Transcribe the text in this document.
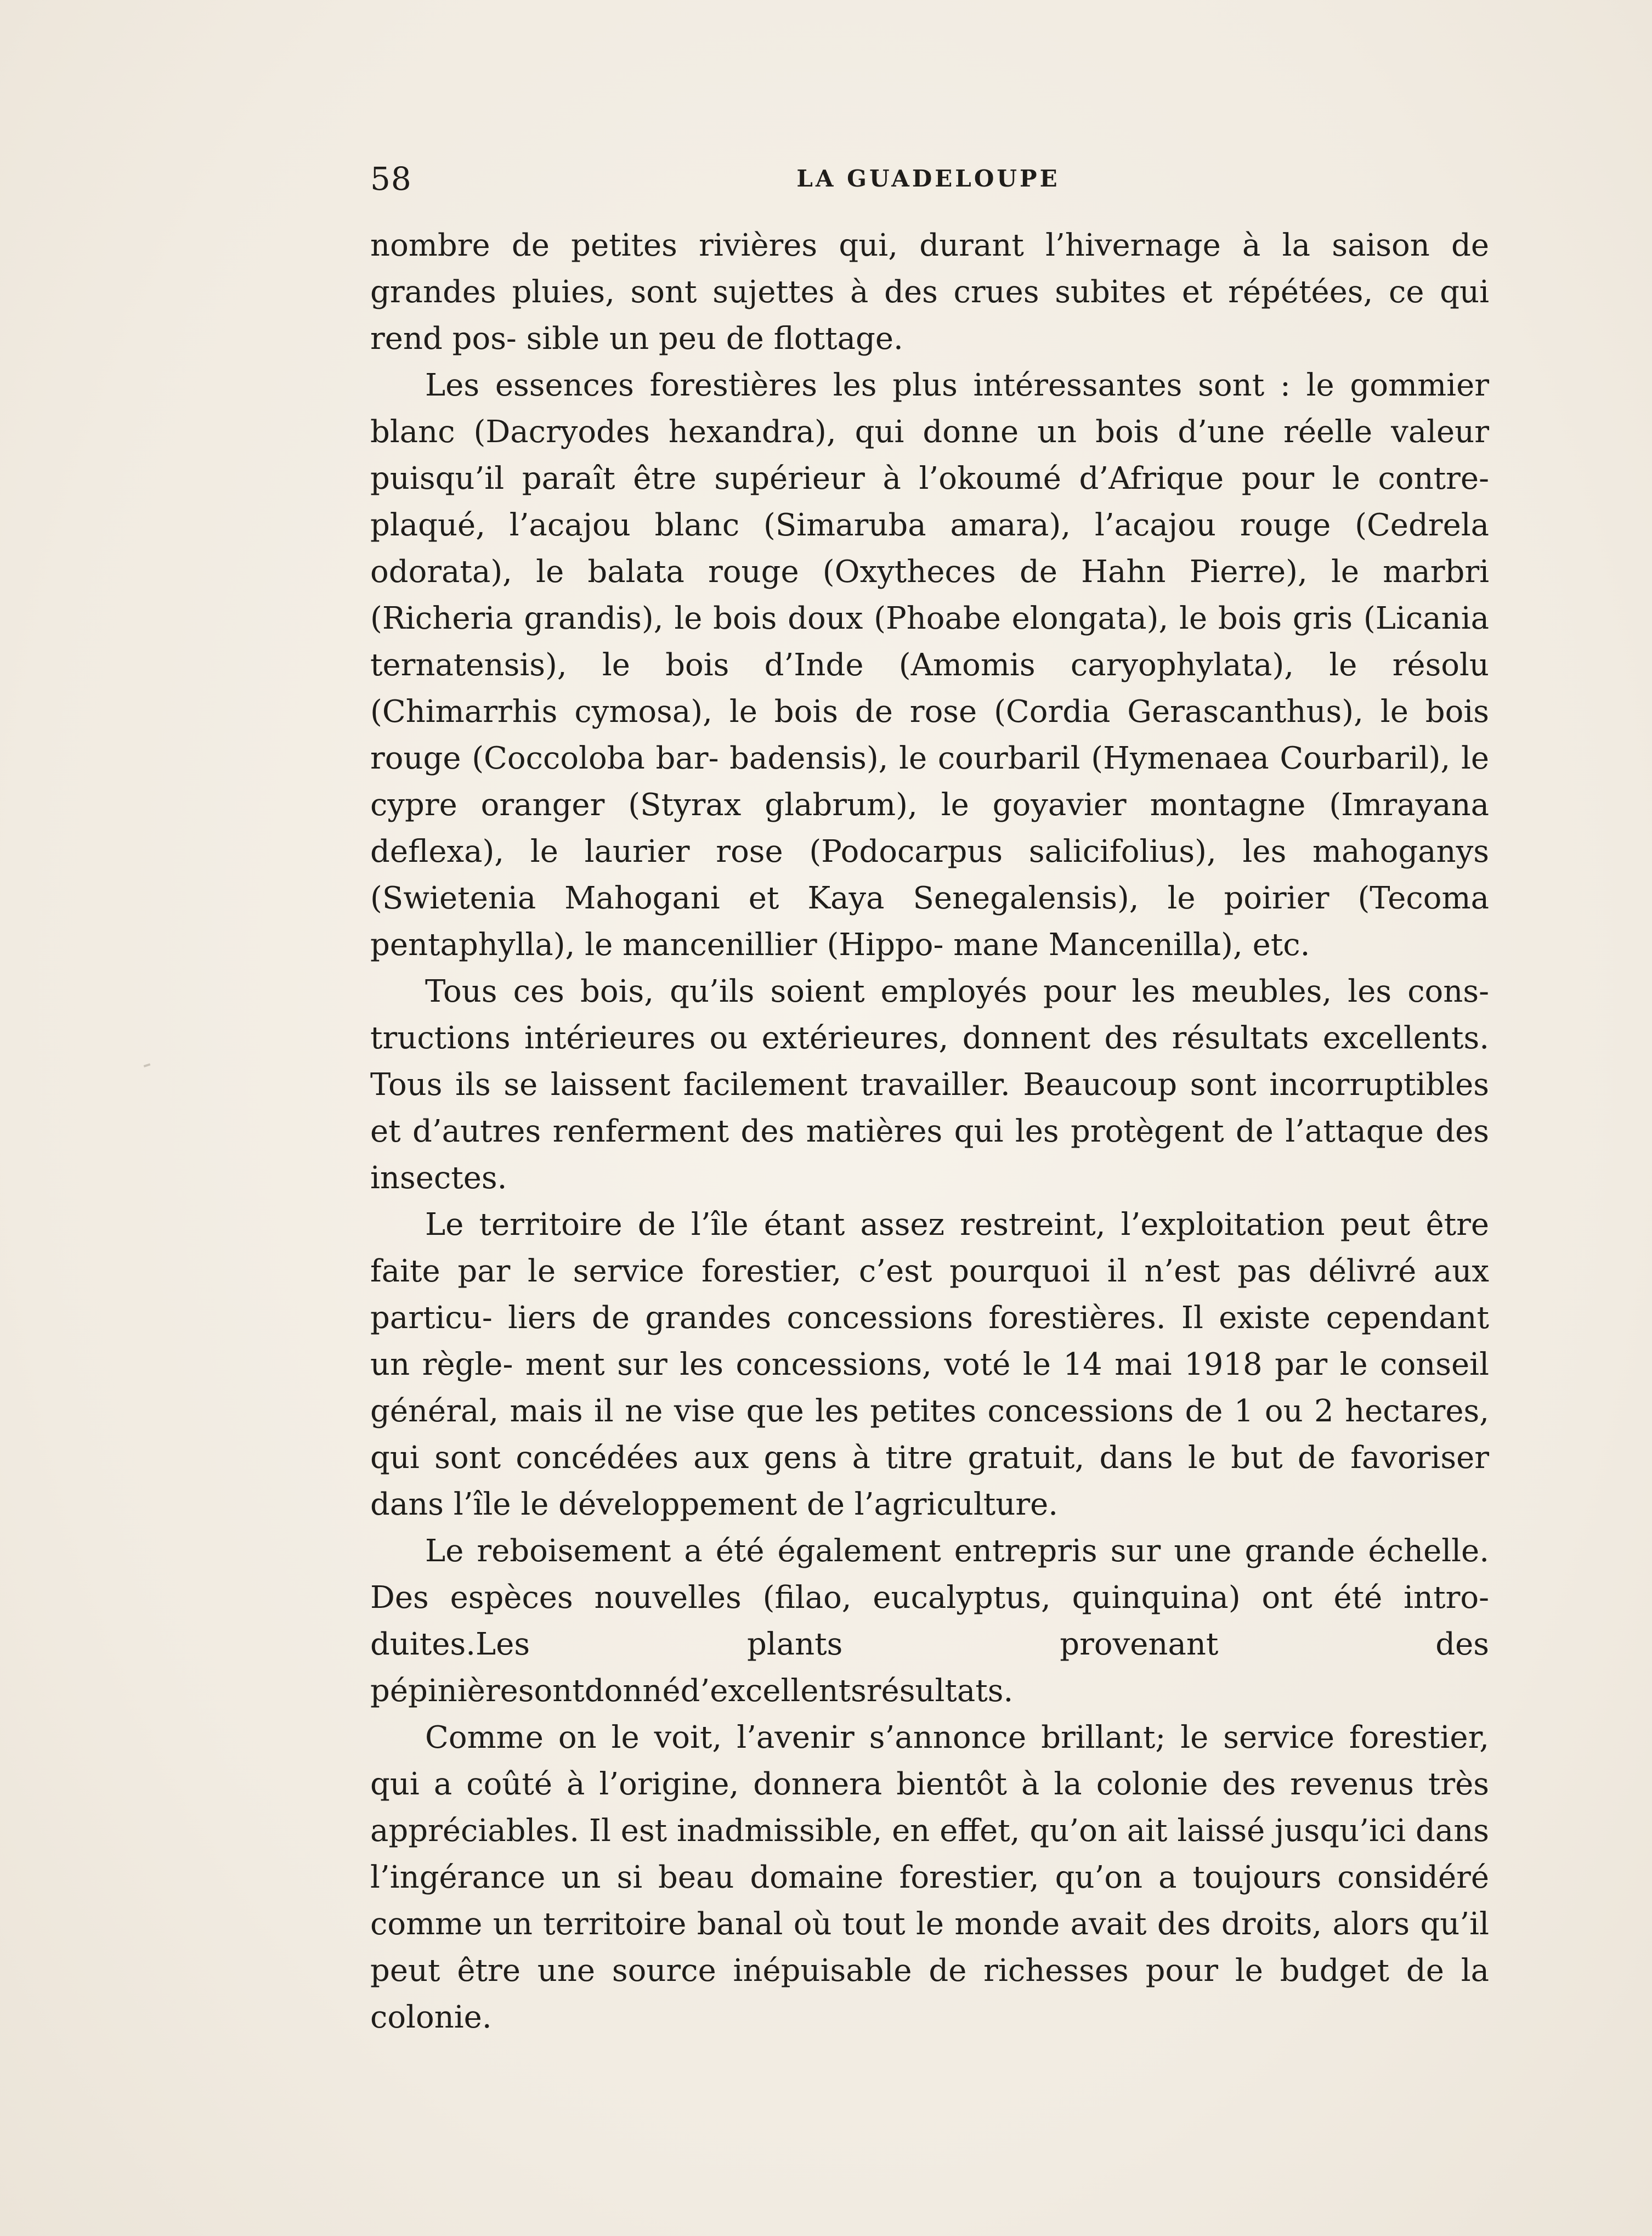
58	LA GUADELOUPE

nombre de petites rivières qui, durant l’hivernage à la saison de grandes pluies, sont sujettes à des crues subites et répétées, ce qui rend pos- sible un peu de flottage.

Les essences forestières les plus intéressantes sont : le gommier blanc (Dacryodes hexandra), qui donne un bois d’une réelle valeur puisqu’il paraît être supérieur à l’okoumé d’Afrique pour le contre-plaqué, l’acajou blanc (Simaruba amara), l’acajou rouge (Cedrela odorata), le balata rouge (Oxytheces de Hahn Pierre), le marbri (Richeria grandis), le bois doux (Phoabe elongata), le bois gris (Licania ternatensis), le bois d’Inde (Amomis caryophylata), le résolu (Chimarrhis cymosa), le bois de rose (Cordia Gerascanthus), le bois rouge (Coccoloba bar- badensis), le courbaril (Hymenaea Courbaril), le cypre oranger (Styrax glabrum), le goyavier montagne (Imrayana deflexa), le laurier rose (Podocarpus salicifolius), les mahoganys (Swietenia Mahogani et Kaya Senegalensis), le poirier (Tecoma pentaphylla), le mancenillier (Hippo- mane Mancenilla), etc.

Tous ces bois, qu’ils soient employés pour les meubles, les cons- tructions intérieures ou extérieures, donnent des résultats excellents. Tous ils se laissent facilement travailler. Beaucoup sont incorruptibles et d’autres renferment des matières qui les protègent de l’attaque des insectes.

Le territoire de l’île étant assez restreint, l’exploitation peut être faite par le service forestier, c’est pourquoi il n’est pas délivré aux particu- liers de grandes concessions forestières. Il existe cependant un règle- ment sur les concessions, voté le 14 mai 1918 par le conseil général, mais il ne vise que les petites concessions de 1 ou 2 hectares, qui sont concédées aux gens à titre gratuit, dans le but de favoriser dans l’île le développement de l’agriculture.

Le reboisement a été également entrepris sur une grande échelle. Des espèces nouvelles (filao, eucalyptus, quinquina) ont été intro- duites.Les plants provenant des pépinièresontdonnéd’excellentsrésultats.

Comme on le voit, l’avenir s’annonce brillant; le service forestier, qui a coûté à l’origine, donnera bientôt à la colonie des revenus très appréciables. Il est inadmissible, en effet, qu’on ait laissé jusqu’ici dans l’ingérance un si beau domaine forestier, qu’on a toujours considéré comme un territoire banal où tout le monde avait des droits, alors qu’il peut être une source inépuisable de richesses pour le budget de la colonie.
